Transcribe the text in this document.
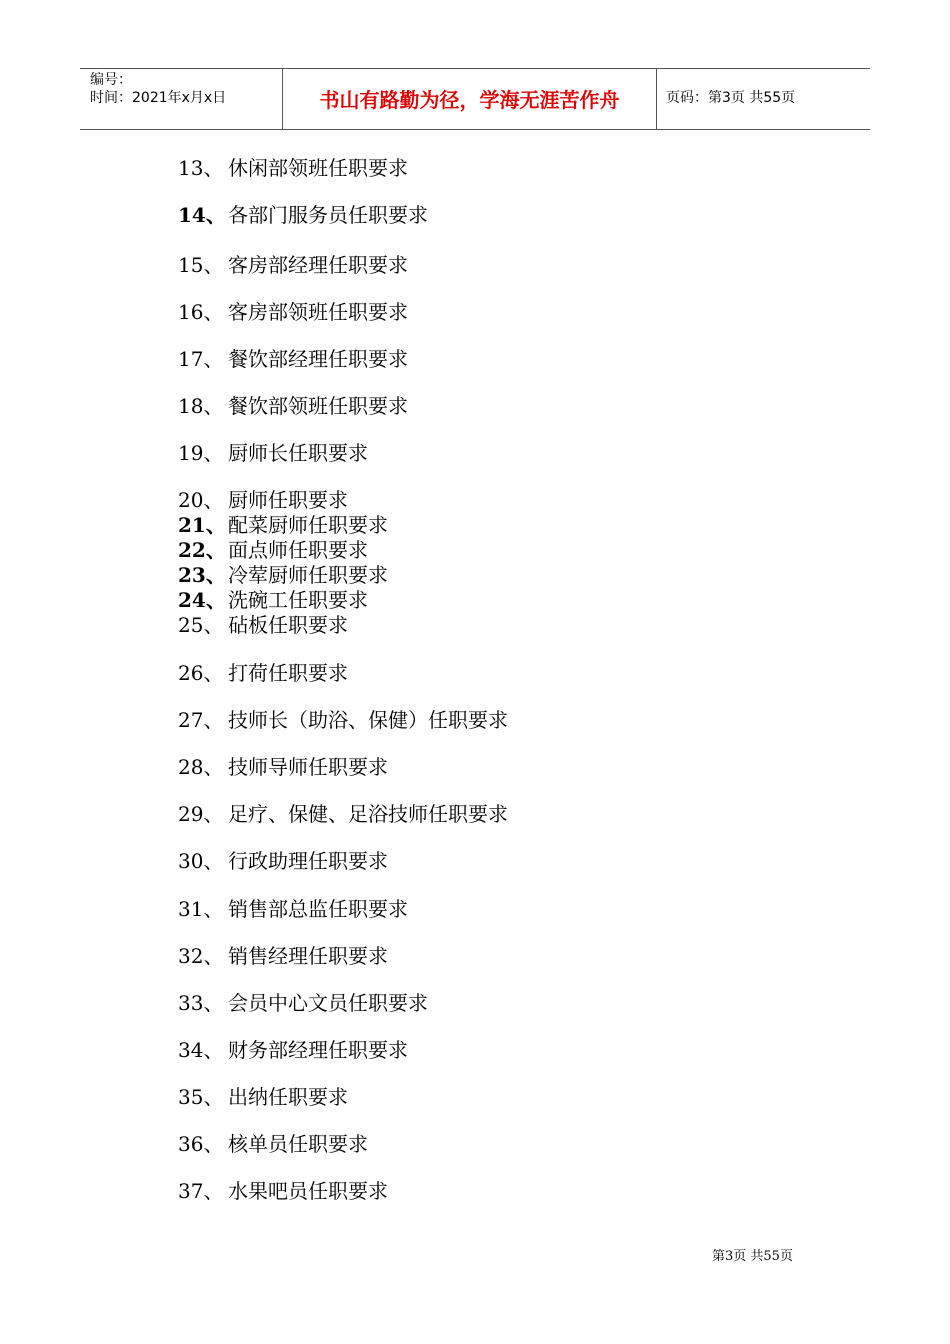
编号：
时间：2021年x月x日	书山有路勤为径，学海无涯苦作舟	页码：第3页 共55页
13、 休闲部领班任职要求
14、 各部门服务员任职要求
15、 客房部经理任职要求
16、 客房部领班任职要求
17、 餐饮部经理任职要求
18、 餐饮部领班任职要求
19、 厨师长任职要求
20、 厨师任职要求
21、 配菜厨师任职要求
22、 面点师任职要求
23、 冷荤厨师任职要求
24、 洗碗工任职要求
25、 砧板任职要求
26、 打荷任职要求
27、 技师长（助浴、保健）任职要求
28、 技师导师任职要求
29、 足疗、保健、足浴技师任职要求
30、 行政助理任职要求
31、 销售部总监任职要求
32、 销售经理任职要求
33、 会员中心文员任职要求
34、 财务部经理任职要求
35、 出纳任职要求
36、 核单员任职要求
37、 水果吧员任职要求
第3页 共55页
